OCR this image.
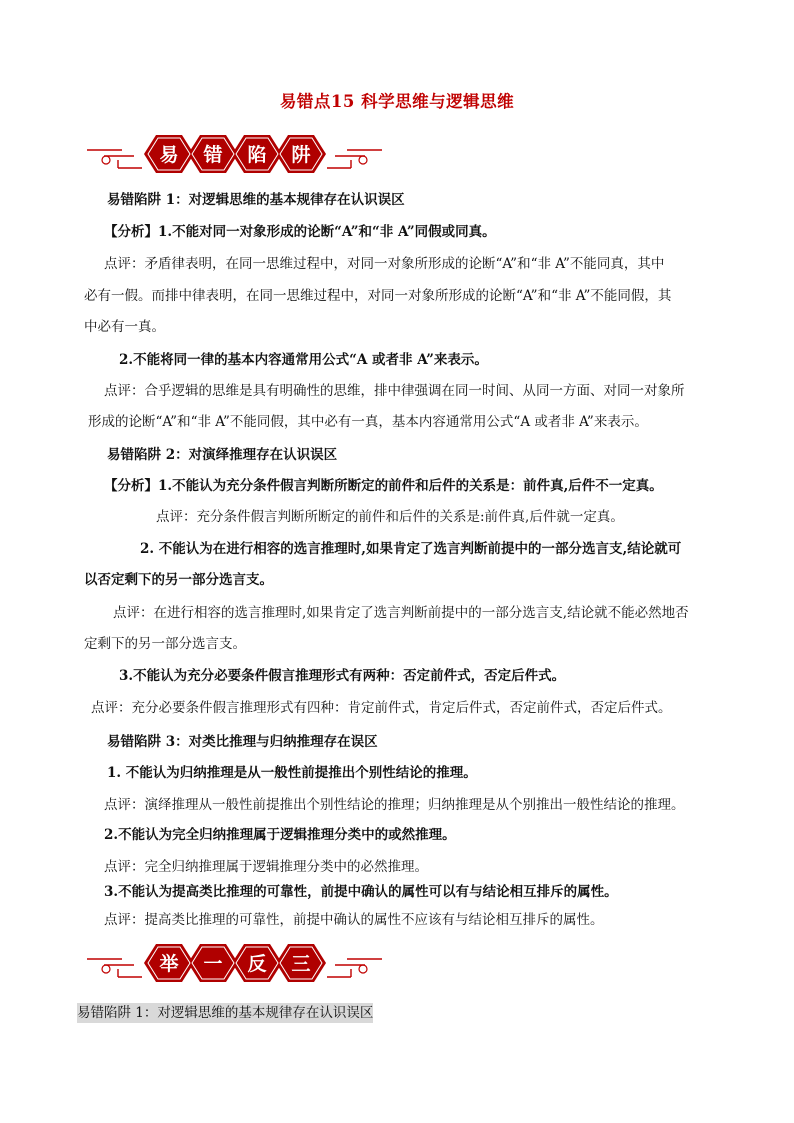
易错点15 科学思维与逻辑思维
易 错 陷 阱
易错陷阱 1：对逻辑思维的基本规律存在认识误区
【分析】1.不能对同一对象形成的论断“A”和“非 A”同假或同真。
点评：矛盾律表明，在同一思维过程中，对同一对象所形成的论断“A”和“非 A”不能同真，其中
必有一假。而排中律表明，在同一思维过程中，对同一对象所形成的论断“A”和“非 A”不能同假，其
中必有一真。
2.不能将同一律的基本内容通常用公式“A 或者非 A”来表示。
点评：合乎逻辑的思维是具有明确性的思维，排中律强调在同一时间、从同一方面、对同一对象所
形成的论断“A”和“非 A”不能同假，其中必有一真，基本内容通常用公式“A 或者非 A”来表示。
易错陷阱 2：对演绎推理存在认识误区
【分析】1.不能认为充分条件假言判断所断定的前件和后件的关系是：前件真,后件不一定真。
点评：充分条件假言判断所断定的前件和后件的关系是:前件真,后件就一定真。
2. 不能认为在进行相容的选言推理时,如果肯定了选言判断前提中的一部分选言支,结论就可
以否定剩下的另一部分选言支。
点评：在进行相容的选言推理时,如果肯定了选言判断前提中的一部分选言支,结论就不能必然地否
定剩下的另一部分选言支。
3.不能认为充分必要条件假言推理形式有两种：否定前件式，否定后件式。
点评：充分必要条件假言推理形式有四种：肯定前件式，肯定后件式，否定前件式，否定后件式。
易错陷阱 3：对类比推理与归纳推理存在误区
1. 不能认为归纳推理是从一般性前提推出个别性结论的推理。
点评：演绎推理从一般性前提推出个别性结论的推理；归纳推理是从个别推出一般性结论的推理。
2.不能认为完全归纳推理属于逻辑推理分类中的或然推理。
点评：完全归纳推理属于逻辑推理分类中的必然推理。
3.不能认为提高类比推理的可靠性，前提中确认的属性可以有与结论相互排斥的属性。
点评：提高类比推理的可靠性，前提中确认的属性不应该有与结论相互排斥的属性。
举 一 反 三
易错陷阱 1：对逻辑思维的基本规律存在认识误区
